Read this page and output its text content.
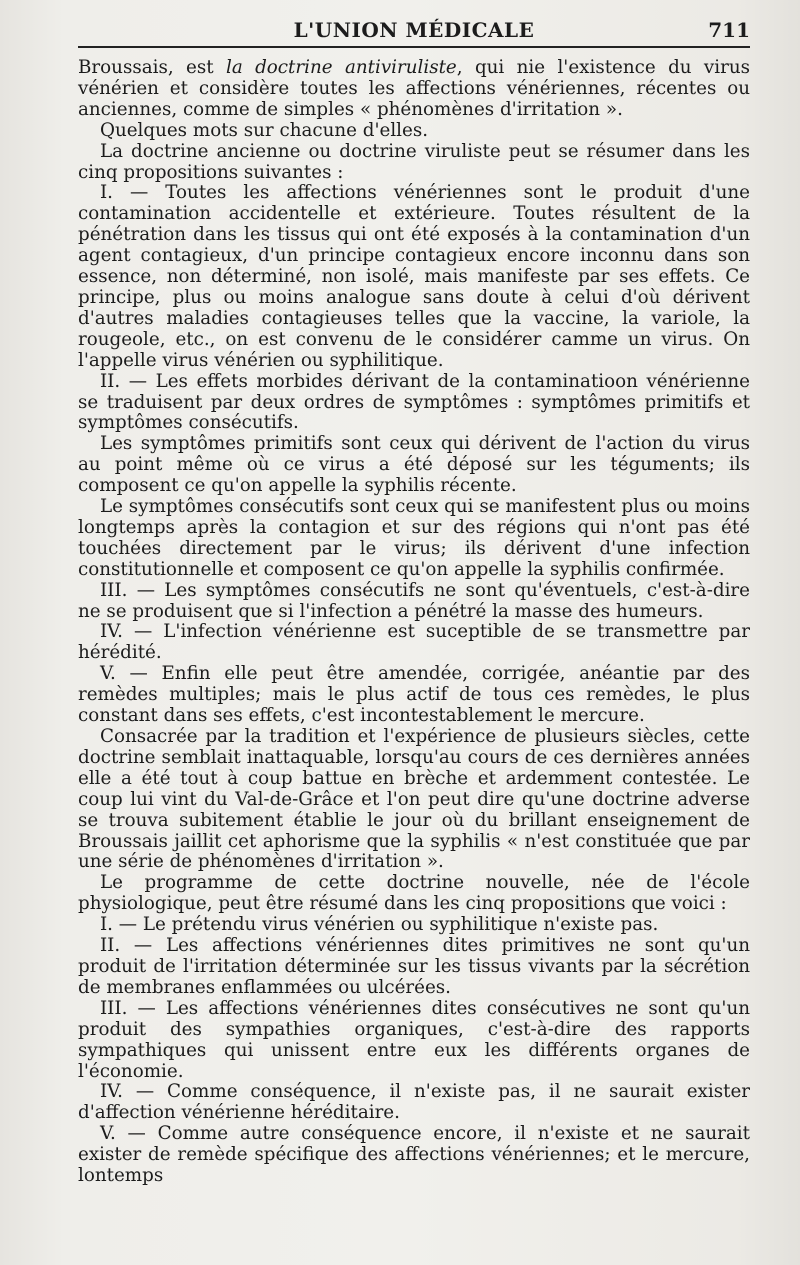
L'UNION MÉDICALE	711

Broussais, est la doctrine antiviruliste, qui nie l'existence du virus vénérien et considère toutes les affections vénériennes, récentes ou anciennes, comme de simples « phénomènes d'irritation ».

Quelques mots sur chacune d'elles.

La doctrine ancienne ou doctrine viruliste peut se résumer dans les cinq propositions suivantes :

I. — Toutes les affections vénériennes sont le produit d'une contamination accidentelle et extérieure. Toutes résultent de la pénétration dans les tissus qui ont été exposés à la contamination d'un agent contagieux, d'un principe contagieux encore inconnu dans son essence, non déterminé, non isolé, mais manifeste par ses effets. Ce principe, plus ou moins analogue sans doute à celui d'où dérivent d'autres maladies contagieuses telles que la vaccine, la variole, la rougeole, etc., on est convenu de le considérer camme un virus. On l'appelle virus vénérien ou syphilitique.

II. — Les effets morbides dérivant de la contaminatioon vénérienne se traduisent par deux ordres de symptômes : symptômes primitifs et symptômes consécutifs.

Les symptômes primitifs sont ceux qui dérivent de l'action du virus au point même où ce virus a été déposé sur les téguments; ils composent ce qu'on appelle la syphilis récente.

Le symptômes consécutifs sont ceux qui se manifestent plus ou moins longtemps après la contagion et sur des régions qui n'ont pas été touchées directement par le virus; ils dérivent d'une infection constitutionnelle et composent ce qu'on appelle la syphilis confirmée.

III. — Les symptômes consécutifs ne sont qu'éventuels, c'est-à-dire ne se produisent que si l'infection a pénétré la masse des humeurs.

IV. — L'infection vénérienne est suceptible de se transmettre par hérédité.

V. — Enfin elle peut être amendée, corrigée, anéantie par des remèdes multiples; mais le plus actif de tous ces remèdes, le plus constant dans ses effets, c'est incontestablement le mercure.

Consacrée par la tradition et l'expérience de plusieurs siècles, cette doctrine semblait inattaquable, lorsqu'au cours de ces dernières années elle a été tout à coup battue en brèche et ardemment contestée. Le coup lui vint du Val-de-Grâce et l'on peut dire qu'une doctrine adverse se trouva subitement établie le jour où du brillant enseignement de Broussais jaillit cet aphorisme que la syphilis « n'est constituée que par une série de phénomènes d'irritation ».

Le programme de cette doctrine nouvelle, née de l'école physiologique, peut être résumé dans les cinq propositions que voici :

I. — Le prétendu virus vénérien ou syphilitique n'existe pas.

II. — Les affections vénériennes dites primitives ne sont qu'un produit de l'irritation déterminée sur les tissus vivants par la sécrétion de membranes enflammées ou ulcérées.

III. — Les affections vénériennes dites consécutives ne sont qu'un produit des sympathies organiques, c'est-à-dire des rapports sympathiques qui unissent entre eux les différents organes de l'économie.

IV. — Comme conséquence, il n'existe pas, il ne saurait exister d'affection vénérienne héréditaire.

V. — Comme autre conséquence encore, il n'existe et ne saurait exister de remède spécifique des affections vénériennes; et le mercure, lontemps
